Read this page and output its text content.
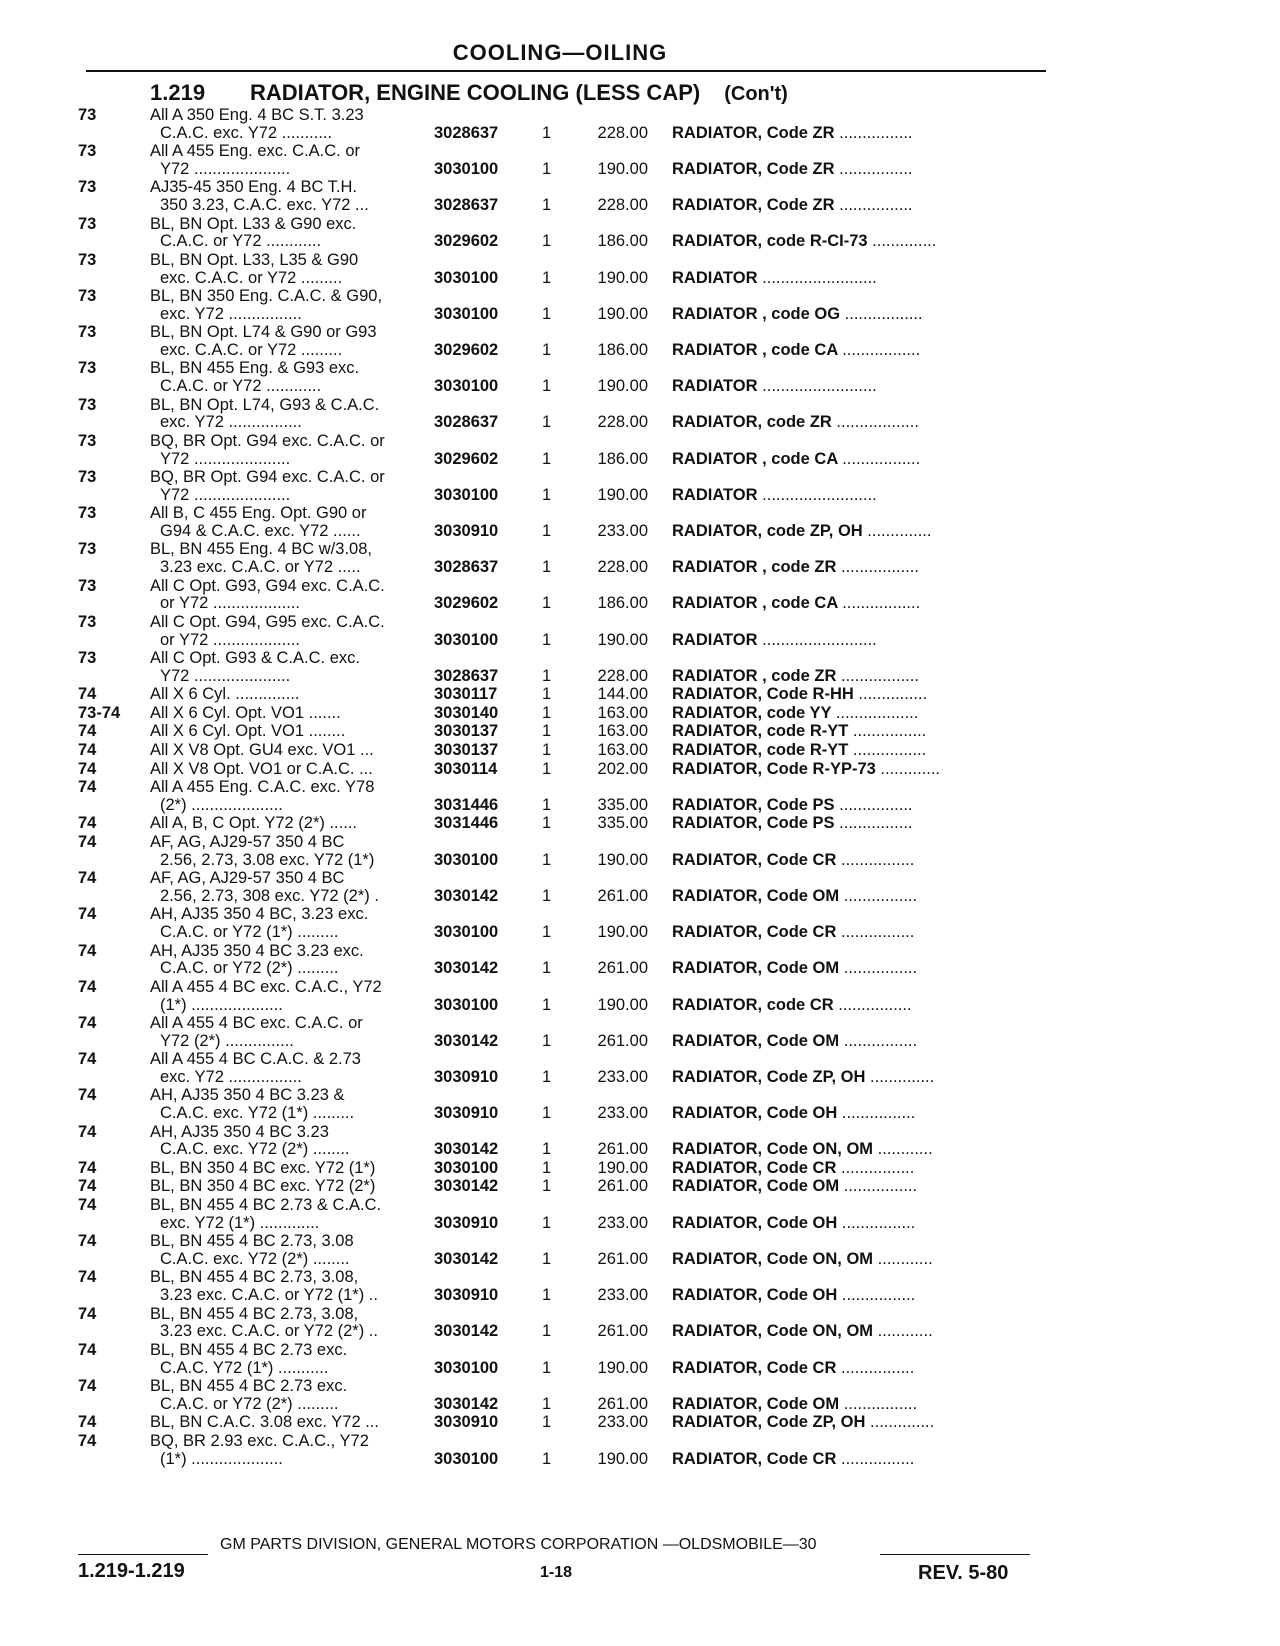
COOLING—OILING
1.219 RADIATOR, ENGINE COOLING (LESS CAP) (Con't)
73	All A 350 Eng. 4 BC S.T. 3.23
C.A.C. exc. Y72 ...........	3028637	1	228.00 RADIATOR, Code ZR ................
73	All A 455 Eng. exc. C.A.C. or
Y72 .....................	3030100	1	190.00 RADIATOR, Code ZR ................
73	AJ35-45 350 Eng. 4 BC T.H.
350 3.23, C.A.C. exc. Y72 ...	3028637	1	228.00 RADIATOR, Code ZR ................
73	BL, BN Opt. L33 & G90 exc.
C.A.C. or Y72 ............	3029602	1	186.00 RADIATOR, code R-CI-73 ..............
73	BL, BN Opt. L33, L35 & G90
exc. C.A.C. or Y72 .........	3030100	1	190.00 RADIATOR .........................
73	BL, BN 350 Eng. C.A.C. & G90,
exc. Y72 ................	3030100	1	190.00 RADIATOR , code OG .................
73	BL, BN Opt. L74 & G90 or G93
exc. C.A.C. or Y72 .........	3029602	1	186.00 RADIATOR , code CA .................
73	BL, BN 455 Eng. & G93 exc.
C.A.C. or Y72 ............	3030100	1	190.00 RADIATOR .........................
73	BL, BN Opt. L74, G93 & C.A.C.
exc. Y72 ................	3028637	1	228.00 RADIATOR, code ZR ..................
73	BQ, BR Opt. G94 exc. C.A.C. or
Y72 .....................	3029602	1	186.00 RADIATOR , code CA .................
73	BQ, BR Opt. G94 exc. C.A.C. or
Y72 .....................	3030100	1	190.00 RADIATOR .........................
73	All B, C 455 Eng. Opt. G90 or
G94 & C.A.C. exc. Y72 ......	3030910	1	233.00 RADIATOR, code ZP, OH ..............
73	BL, BN 455 Eng. 4 BC w/3.08,
3.23 exc. C.A.C. or Y72 .....	3028637	1	228.00 RADIATOR , code ZR .................
73	All C Opt. G93, G94 exc. C.A.C.
or Y72 ...................	3029602	1	186.00 RADIATOR , code CA .................
73	All C Opt. G94, G95 exc. C.A.C.
or Y72 ...................	3030100	1	190.00 RADIATOR .........................
73	All C Opt. G93 & C.A.C. exc.
Y72 .....................	3028637	1	228.00 RADIATOR , code ZR .................
74	All X 6 Cyl. ..............	3030117	1	144.00 RADIATOR, Code R-HH ...............
73-74	All X 6 Cyl. Opt. VO1 .......	3030140	1	163.00 RADIATOR, code YY ..................
74	All X 6 Cyl. Opt. VO1 ........	3030137	1	163.00 RADIATOR, code R-YT ................
74	All X V8 Opt. GU4 exc. VO1 ...	3030137	1	163.00 RADIATOR, code R-YT ................
74	All X V8 Opt. VO1 or C.A.C. ...	3030114	1	202.00 RADIATOR, Code R-YP-73 .............
74	All A 455 Eng. C.A.C. exc. Y78
(2*) ....................	3031446	1	335.00 RADIATOR, Code PS ................
74	All A, B, C Opt. Y72 (2*) ......	3031446	1	335.00 RADIATOR, Code PS ................
74	AF, AG, AJ29-57 350 4 BC
2.56, 2.73, 3.08 exc. Y72 (1*)	3030100	1	190.00 RADIATOR, Code CR ................
74	AF, AG, AJ29-57 350 4 BC
2.56, 2.73, 308 exc. Y72 (2*) .	3030142	1	261.00 RADIATOR, Code OM ................
74	AH, AJ35 350 4 BC, 3.23 exc.
C.A.C. or Y72 (1*) .........	3030100	1	190.00 RADIATOR, Code CR ................
74	AH, AJ35 350 4 BC 3.23 exc.
C.A.C. or Y72 (2*) .........	3030142	1	261.00 RADIATOR, Code OM ................
74	All A 455 4 BC exc. C.A.C., Y72
(1*) ....................	3030100	1	190.00 RADIATOR, code CR ................
74	All A 455 4 BC exc. C.A.C. or
Y72 (2*) ...............	3030142	1	261.00 RADIATOR, Code OM ................
74	All A 455 4 BC C.A.C. & 2.73
exc. Y72 ................	3030910	1	233.00 RADIATOR, Code ZP, OH ..............
74	AH, AJ35 350 4 BC 3.23 &
C.A.C. exc. Y72 (1*) .........	3030910	1	233.00 RADIATOR, Code OH ................
74	AH, AJ35 350 4 BC 3.23
C.A.C. exc. Y72 (2*) ........	3030142	1	261.00 RADIATOR, Code ON, OM ............
74	BL, BN 350 4 BC exc. Y72 (1*)	3030100	1	190.00 RADIATOR, Code CR ................
74	BL, BN 350 4 BC exc. Y72 (2*)	3030142	1	261.00 RADIATOR, Code OM ................
74	BL, BN 455 4 BC 2.73 & C.A.C.
exc. Y72 (1*) .............	3030910	1	233.00 RADIATOR, Code OH ................
74	BL, BN 455 4 BC 2.73, 3.08
C.A.C. exc. Y72 (2*) ........	3030142	1	261.00 RADIATOR, Code ON, OM ............
74	BL, BN 455 4 BC 2.73, 3.08,
3.23 exc. C.A.C. or Y72 (1*) ..	3030910	1	233.00 RADIATOR, Code OH ................
74	BL, BN 455 4 BC 2.73, 3.08,
3.23 exc. C.A.C. or Y72 (2*) ..	3030142	1	261.00 RADIATOR, Code ON, OM ............
74	BL, BN 455 4 BC 2.73 exc.
C.A.C. Y72 (1*) ...........	3030100	1	190.00 RADIATOR, Code CR ................
74	BL, BN 455 4 BC 2.73 exc.
C.A.C. or Y72 (2*) .........	3030142	1	261.00 RADIATOR, Code OM ................
74	BL, BN C.A.C. 3.08 exc. Y72 ...	3030910	1	233.00 RADIATOR, Code ZP, OH ..............
74	BQ, BR 2.93 exc. C.A.C., Y72
(1*) ....................	3030100	1	190.00 RADIATOR, Code CR ................
GM PARTS DIVISION, GENERAL MOTORS CORPORATION —OLDSMOBILE—30
1.219-1.219	1-18	REV. 5-80
